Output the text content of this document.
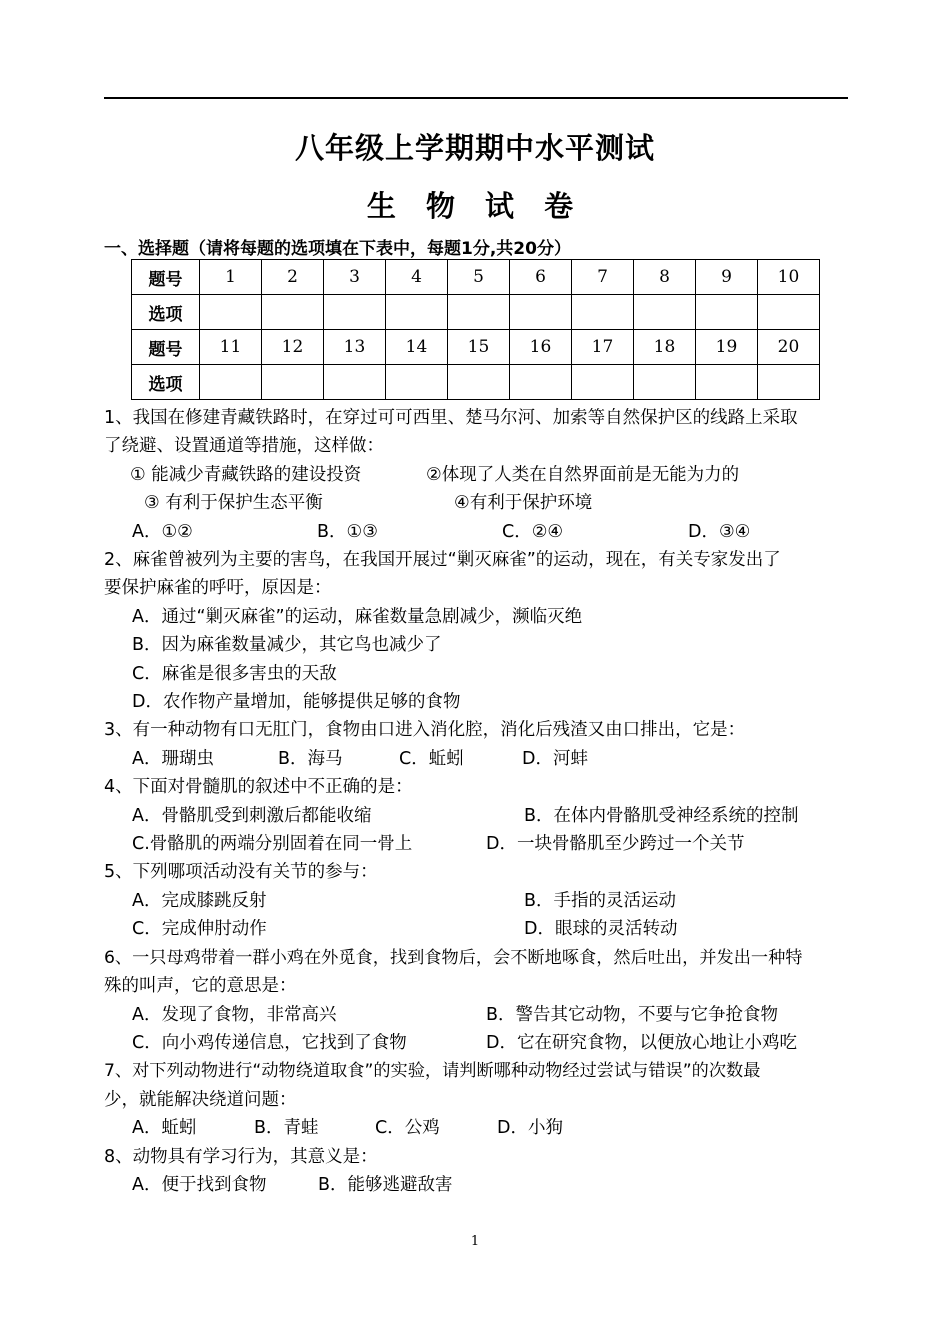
八年级上学期期中水平测试
生 物 试 卷
一、选择题（请将每题的选项填在下表中，每题1分,共20分）
题号	1	2	3	4	5	6	7	8	9	10
选项										
题号	11	12	13	14	15	16	17	18	19	20
选项										
1、我国在修建青藏铁路时，在穿过可可西里、楚马尔河、加索等自然保护区的线路上采取
了绕避、设置通道等措施，这样做：
① 能减少青藏铁路的建设投资	②体现了人类在自然界面前是无能为力的
③ 有利于保护生态平衡	④有利于保护环境
A．①②	B．①③	C．②④	D．③④
2、麻雀曾被列为主要的害鸟，在我国开展过“剿灭麻雀”的运动，现在，有关专家发出了
要保护麻雀的呼吁，原因是：
A．通过“剿灭麻雀”的运动，麻雀数量急剧减少，濒临灭绝
B．因为麻雀数量减少，其它鸟也减少了
C．麻雀是很多害虫的天敌
D．农作物产量增加，能够提供足够的食物
3、有一种动物有口无肛门，食物由口进入消化腔，消化后残渣又由口排出，它是：
A．珊瑚虫	B．海马	C．蚯蚓	D．河蚌
4、下面对骨髓肌的叙述中不正确的是：
A．骨骼肌受到刺激后都能收缩	B．在体内骨骼肌受神经系统的控制
C.骨骼肌的两端分别固着在同一骨上	D．一块骨骼肌至少跨过一个关节
5、下列哪项活动没有关节的参与：
A．完成膝跳反射	B．手指的灵活运动
C．完成伸肘动作	D．眼球的灵活转动
6、一只母鸡带着一群小鸡在外觅食，找到食物后，会不断地啄食，然后吐出，并发出一种特
殊的叫声，它的意思是：
A．发现了食物，非常高兴	B．警告其它动物，不要与它争抢食物
C．向小鸡传递信息，它找到了食物	D．它在研究食物，以便放心地让小鸡吃
7、对下列动物进行“动物绕道取食”的实验，请判断哪种动物经过尝试与错误”的次数最
少，就能解决绕道问题：
A．蚯蚓	B．青蛙	C．公鸡	D．小狗
8、动物具有学习行为，其意义是：
A．便于找到食物	B．能够逃避敌害
1
